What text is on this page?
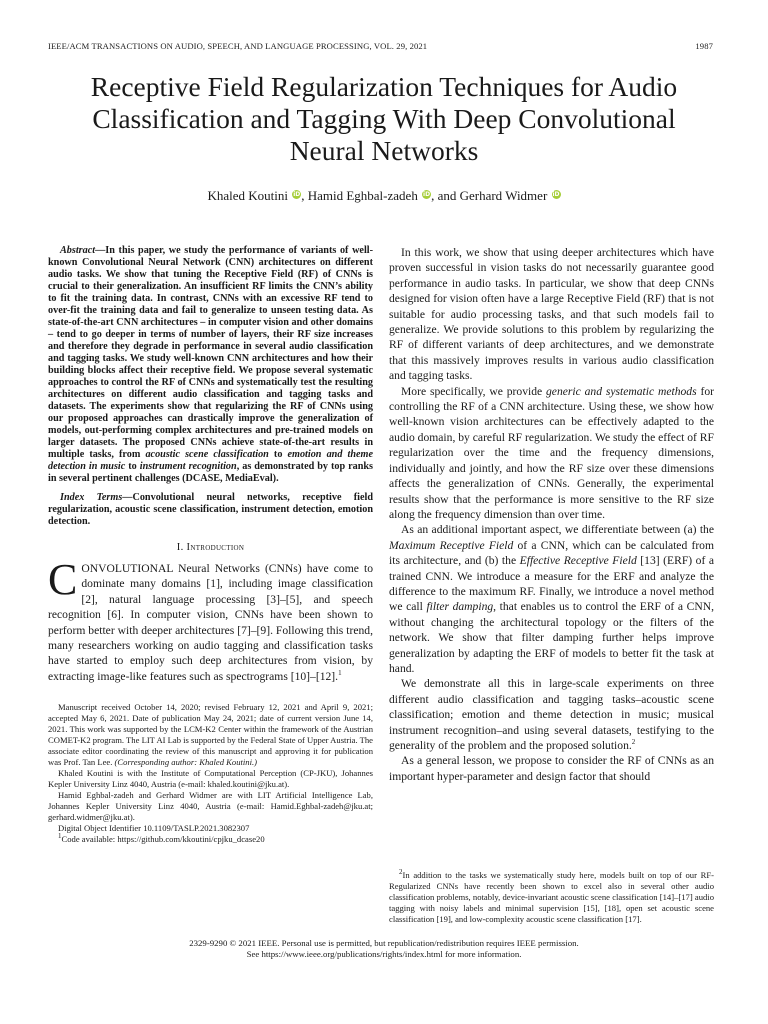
IEEE/ACM TRANSACTIONS ON AUDIO, SPEECH, AND LANGUAGE PROCESSING, VOL. 29, 2021	1987
Receptive Field Regularization Techniques for Audio
Classification and Tagging With Deep Convolutional
Neural Networks
Khaled Koutini iD, Hamid Eghbal-zadeh iD, and Gerhard Widmer iD

Abstract—In this paper, we study the performance of variants of well-known Convolutional Neural Network (CNN) architectures on different audio tasks. We show that tuning the Receptive Field (RF) of CNNs is crucial to their generalization. An insufficient RF limits the CNN’s ability to fit the training data. In contrast, CNNs with an excessive RF tend to over-fit the training data and fail to generalize to unseen testing data. As state-of-the-art CNN architectures – in computer vision and other domains – tend to go deeper in terms of number of layers, their RF size increases and therefore they degrade in performance in several audio classification and tagging tasks. We study well-known CNN architectures and how their building blocks affect their receptive field. We propose several systematic approaches to control the RF of CNNs and systematically test the resulting architectures on different audio classification and tagging tasks and datasets. The experiments show that regularizing the RF of CNNs using our proposed approaches can drastically improve the generalization of models, out-performing complex architectures and pre-trained models on larger datasets. The proposed CNNs achieve state-of-the-art results in multiple tasks, from acoustic scene classification to emotion and theme detection in music to instrument recognition, as demonstrated by top ranks in several pertinent challenges (DCASE, MediaEval).

Index Terms—Convolutional neural networks, receptive field regularization, acoustic scene classification, instrument detection, emotion detection.

I. Introduction

CONVOLUTIONAL Neural Networks (CNNs) have come to dominate many domains [1], including image classification [2], natural language processing [3]–[5], and speech recognition [6]. In computer vision, CNNs have been shown to perform better with deeper architectures [7]–[9]. Following this trend, many researchers working on audio tagging and classification tasks have started to employ such deep architectures from vision, by extracting image-like features such as spectrograms [10]–[12].$^1$

Manuscript received October 14, 2020; revised February 12, 2021 and April 9, 2021; accepted May 6, 2021. Date of publication May 24, 2021; date of current version June 14, 2021. This work was supported by the LCM-K2 Center within the framework of the Austrian COMET-K2 program. The LIT AI Lab is supported by the Federal State of Upper Austria. The associate editor coordinating the review of this manuscript and approving it for publication was Prof. Tan Lee. (Corresponding author: Khaled Koutini.)

Khaled Koutini is with the Institute of Computational Perception (CP-JKU), Johannes Kepler University Linz 4040, Austria (e-mail: khaled.koutini@jku.at).

Hamid Eghbal-zadeh and Gerhard Widmer are with LIT Artificial Intelligence Lab, Johannes Kepler University Linz 4040, Austria (e-mail: Hamid.Eghbal-zadeh@jku.at; gerhard.widmer@jku.at).

Digital Object Identifier 10.1109/TASLP.2021.3082307

$^1$Code available: https://github.com/kkoutini/cpjku_dcase20

In this work, we show that using deeper architectures which have proven successful in vision tasks do not necessarily guarantee good performance in audio tasks. In particular, we show that deep CNNs designed for vision often have a large Receptive Field (RF) that is not suitable for audio processing tasks, and that such models fail to generalize. We provide solutions to this problem by regularizing the RF of different variants of deep architectures, and we demonstrate that this massively improves results in various audio classification and tagging tasks.

More specifically, we provide generic and systematic methods for controlling the RF of a CNN architecture. Using these, we show how well-known vision architectures can be effectively adapted to the audio domain, by careful RF regularization. We study the effect of RF regularization over the time and the frequency dimensions, individually and jointly, and how the RF size over these dimensions affects the generalization of CNNs. Generally, the experimental results show that the performance is more sensitive to the RF size along the frequency dimension than over time.

As an additional important aspect, we differentiate between (a) the Maximum Receptive Field of a CNN, which can be calculated from its architecture, and (b) the Effective Receptive Field [13] (ERF) of a trained CNN. We introduce a measure for the ERF and analyze the difference to the maximum RF. Finally, we introduce a novel method we call filter damping, that enables us to control the ERF of a CNN, without changing the architectural topology or the filters of the network. We show that filter damping further helps improve generalization by adapting the ERF of models to better fit the task at hand.

We demonstrate all this in large-scale experiments on three different audio classification and tagging tasks–acoustic scene classification; emotion and theme detection in music; musical instrument recognition–and using several datasets, testifying to the generality of the problem and the proposed solution.$^2$

As a general lesson, we propose to consider the RF of CNNs as an important hyper-parameter and design factor that should

$^2$In addition to the tasks we systematically study here, models built on top of our RF-Regularized CNNs have recently been shown to excel also in several other audio classification problems, notably, device-invariant acoustic scene classification [14]–[17] audio tagging with noisy labels and minimal supervision [15], [18], open set acoustic scene classification [19], and low-complexity acoustic scene classification [17].

2329-9290 © 2021 IEEE. Personal use is permitted, but republication/redistribution requires IEEE permission.
See https://www.ieee.org/publications/rights/index.html for more information.
